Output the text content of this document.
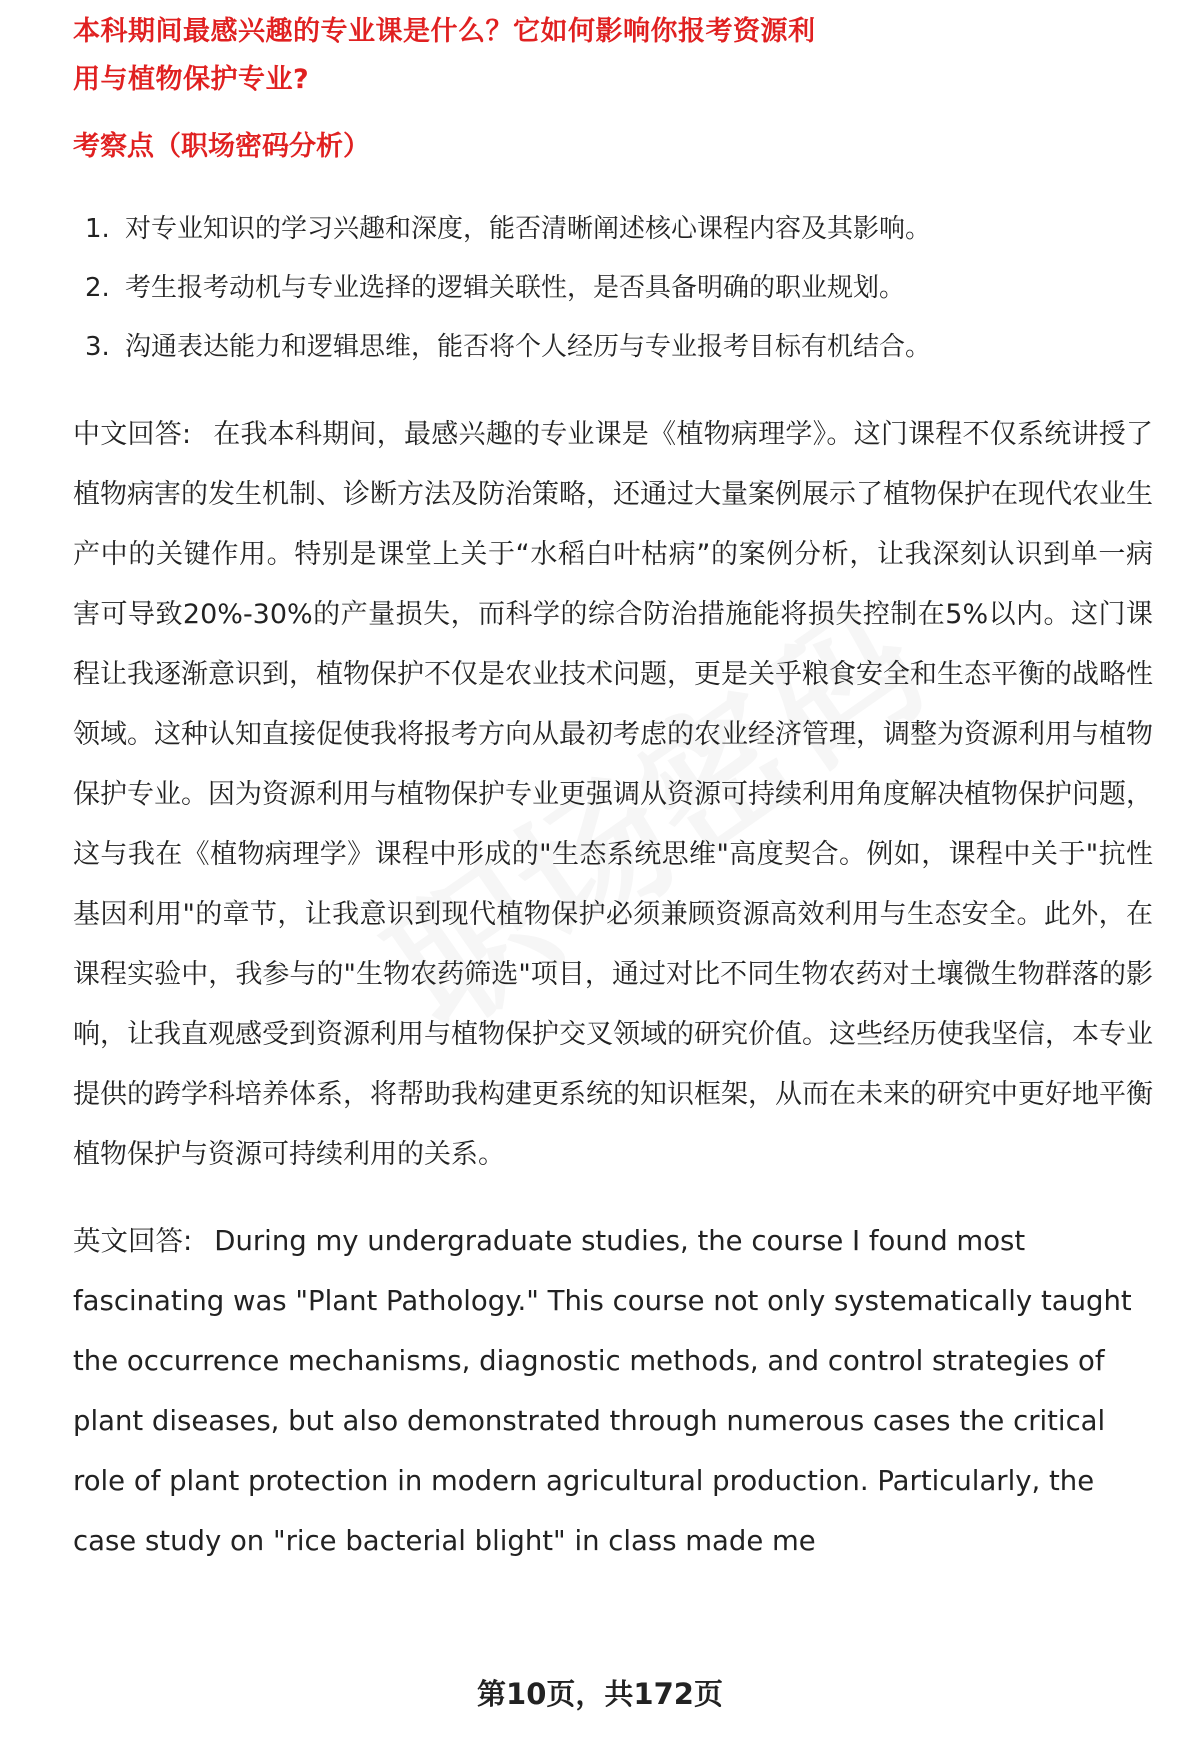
本科期间最感兴趣的专业课是什么？它如何影响你报考资源利
用与植物保护专业?
考察点（职场密码分析）
1. 对专业知识的学习兴趣和深度，能否清晰阐述核心课程内容及其影响。
2. 考生报考动机与专业选择的逻辑关联性，是否具备明确的职业规划。
3. 沟通表达能力和逻辑思维，能否将个人经历与专业报考目标有机结合。

中文回答: 在我本科期间，最感兴趣的专业课是《植物病理学》。这门课程不仅系统讲授了植物病害的发生机制、诊断方法及防治策略，还通过大量案例展示了植物保护在现代农业生产中的关键作用。特别是课堂上关于“水稻白叶枯病”的案例分析，让我深刻认识到单一病害可导致20%-30%的产量损失，而科学的综合防治措施能将损失控制在5%以内。这门课程让我逐渐意识到，植物保护不仅是农业技术问题，更是关乎粮食安全和生态平衡的战略性领域。这种认知直接促使我将报考方向从最初考虑的农业经济管理，调整为资源利用与植物保护专业。因为资源利用与植物保护专业更强调从资源可持续利用角度解决植物保护问题，这与我在《植物病理学》课程中形成的"生态系统思维"高度契合。例如，课程中关于"抗性基因利用"的章节，让我意识到现代植物保护必须兼顾资源高效利用与生态安全。此外，在课程实验中，我参与的"生物农药筛选"项目，通过对比不同生物农药对土壤微生物群落的影响，让我直观感受到资源利用与植物保护交叉领域的研究价值。这些经历使我坚信，本专业提供的跨学科培养体系，将帮助我构建更系统的知识框架，从而在未来的研究中更好地平衡植物保护与资源可持续利用的关系。

英文回答: During my undergraduate studies, the course I found most fascinating was "Plant Pathology." This course not only systematically taught the occurrence mechanisms, diagnostic methods, and control strategies of plant diseases, but also demonstrated through numerous cases the critical role of plant protection in modern agricultural production. Particularly, the case study on "rice bacterial blight" in class made me

第10页，共172页
